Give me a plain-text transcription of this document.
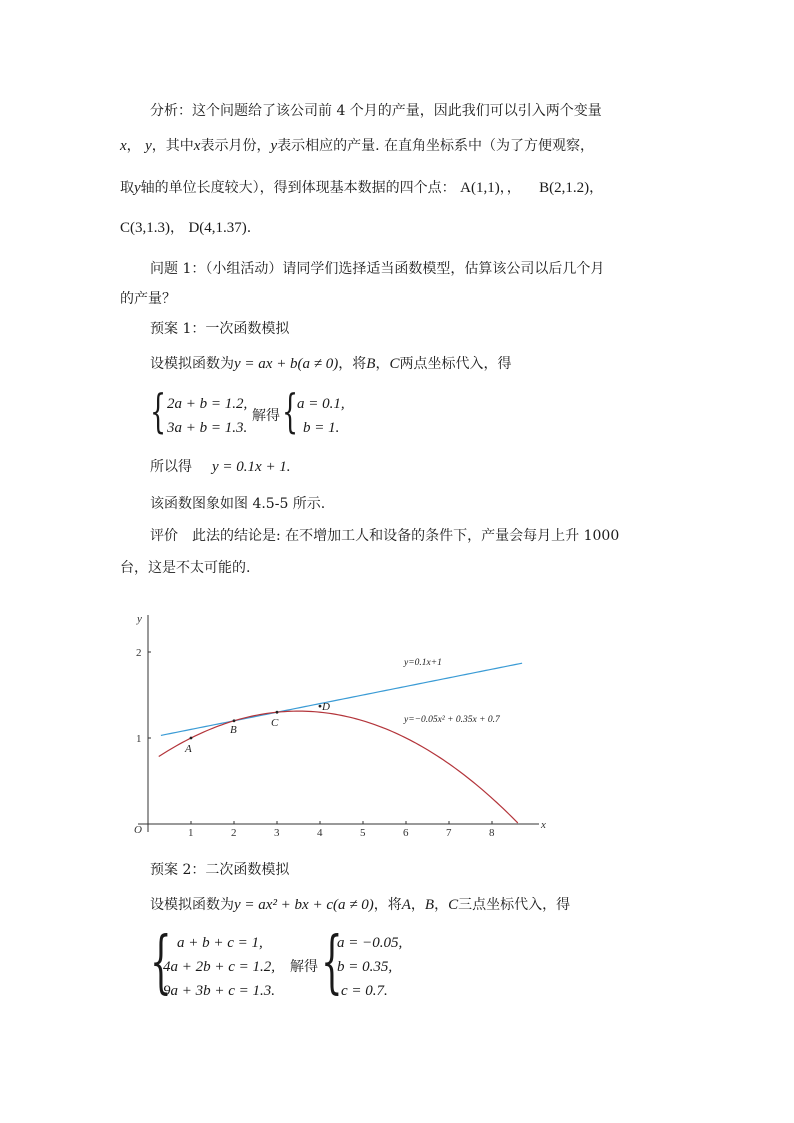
分析：这个问题给了该公司前 4 个月的产量，因此我们可以引入两个变量
x， y，其中x表示月份，y表示相应的产量. 在直角坐标系中（为了方便观察，
取y轴的单位长度较大），得到体现基本数据的四个点： A(1,1)，， B(2,1.2)，
C(3,1.3)， D(4,1.37).
问题 1：（小组活动）请同学们选择适当函数模型，估算该公司以后几个月
的产量？
预案 1：一次函数模拟
设模拟函数为y = ax + b(a ≠ 0)，将B，C两点坐标代入，得
{ 2a + b = 1.2,
3a + b = 1.3.
解得 {
a = 0.1,
b = 1.
所以得 y = 0.1x + 1.
该函数图象如图 4.5-5 所示.
评价　此法的结论是: 在不增加工人和设备的条件下，产量会每月上升 1000
台，这是不太可能的.
x
y
O	1	2	3	4	5	6	7	8
1
2
y=0.1x+1
y=−0.05x² + 0.35x + 0.7
A
B
C
D
预案 2：二次函数模拟
设模拟函数为y = ax² + bx + c(a ≠ 0)，将A，B，C三点坐标代入，得
{ a + b + c = 1,
4a + 2b + c = 1.2,
9a + 3b + c = 1.3.
解得 {
a = −0.05,
b = 0.35,
c = 0.7.
